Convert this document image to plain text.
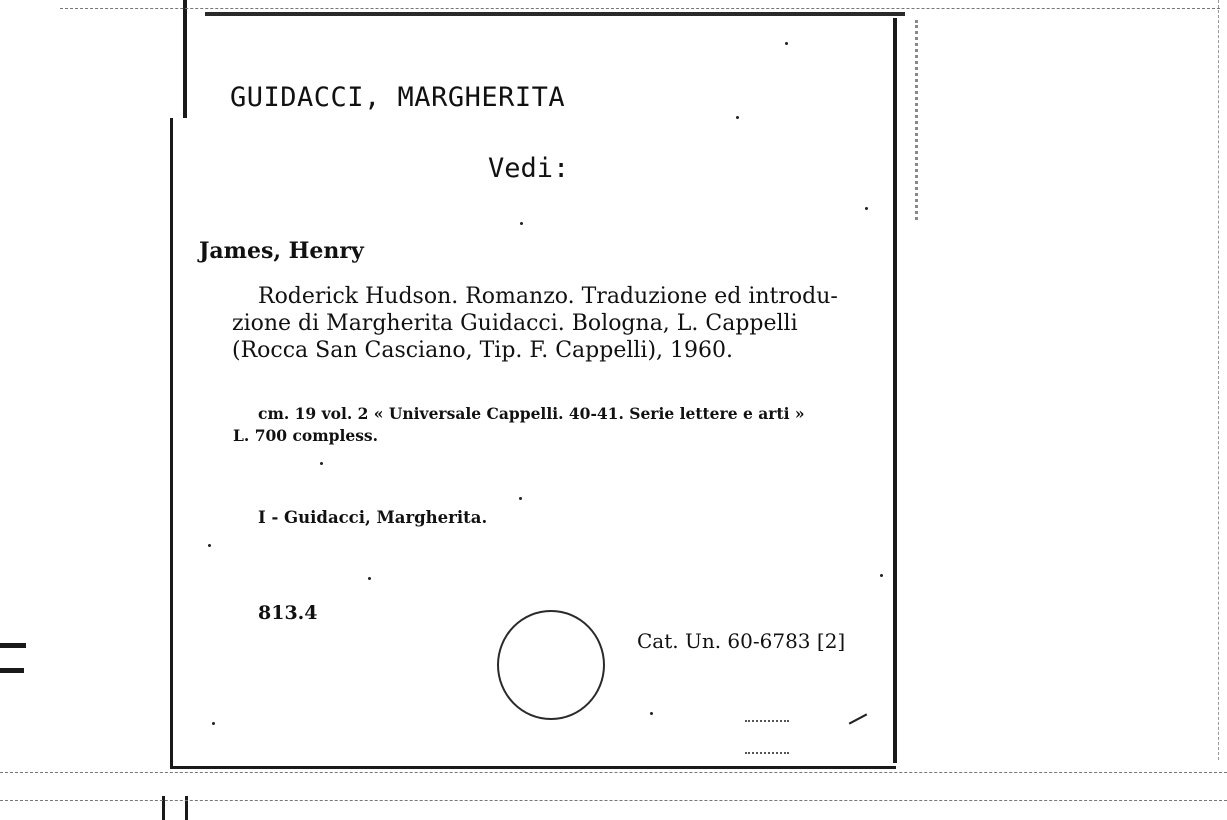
GUIDACCI, MARGHERITA
Vedi:
James, Henry
Roderick Hudson. Romanzo. Traduzione ed introdu-
zione di Margherita Guidacci. Bologna, L. Cappelli
(Rocca San Casciano, Tip. F. Cappelli), 1960.
cm. 19 vol. 2 « Universale Cappelli. 40-41. Serie lettere e arti »
L. 700 compless.
I - Guidacci, Margherita.
813.4
Cat. Un. 60-6783 [2]
